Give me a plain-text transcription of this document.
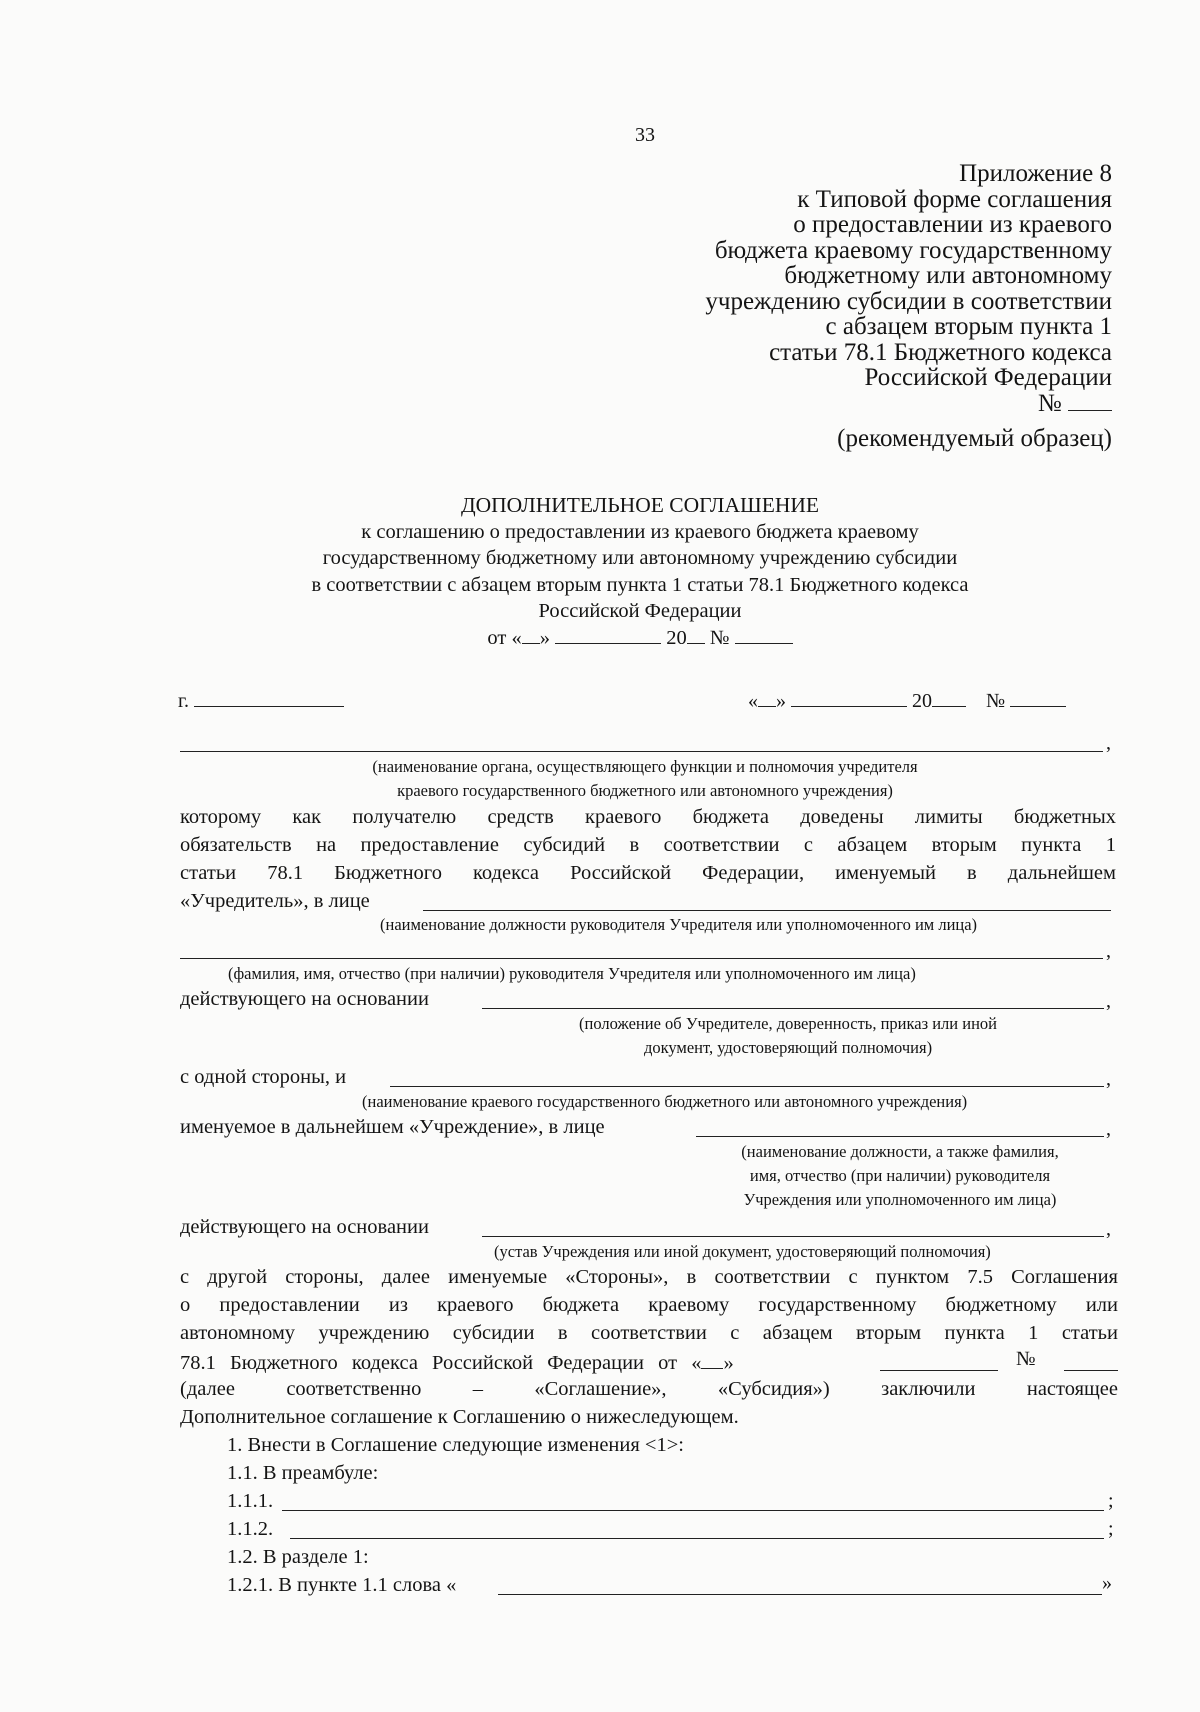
33
Приложение 8
к Типовой форме соглашения
о предоставлении из краевого
бюджета краевому государственному
бюджетному или автономному
учреждению субсидии в соответствии
с абзацем вторым пункта 1
статьи 78.1 Бюджетного кодекса
Российской Федерации
№
(рекомендуемый образец)
ДОПОЛНИТЕЛЬНОЕ СОГЛАШЕНИЕ
к соглашению о предоставлении из краевого бюджета краевому
государственному бюджетному или автономному учреждению субсидии
в соответствии с абзацем вторым пункта 1 статьи 78.1 Бюджетного кодекса
Российской Федерации
от « »	20 №
г.	« »	20	№
,
(наименование органа, осуществляющего функции и полномочия учредителя
краевого государственного бюджетного или автономного учреждения)
которому как получателю средств краевого бюджета доведены лимиты бюджетных
обязательств на предоставление субсидий в соответствии с абзацем вторым пункта 1
статьи 78.1 Бюджетного кодекса Российской Федерации, именуемый в дальнейшем
«Учредитель», в лице
(наименование должности руководителя Учредителя или уполномоченного им лица)
,
(фамилия, имя, отчество (при наличии) руководителя Учредителя или уполномоченного им лица)
действующего на основании	,
(положение об Учредителе, доверенность, приказ или иной
документ, удостоверяющий полномочия)
с одной стороны, и	,
(наименование краевого государственного бюджетного или автономного учреждения)
именуемое в дальнейшем «Учреждение», в лице	,
(наименование должности, а также фамилия,
имя, отчество (при наличии) руководителя
Учреждения или уполномоченного им лица)
действующего на основании	,
(устав Учреждения или иной документ, удостоверяющий полномочия)
с другой стороны, далее именуемые «Стороны», в соответствии с пунктом 7.5 Соглашения
о предоставлении из краевого бюджета краевому государственному бюджетному или
автономному учреждению субсидии в соответствии с абзацем вторым пункта 1 статьи
78.1 Бюджетного кодекса Российской Федерации от « »	№
(далее соответственно – «Соглашение», «Субсидия») заключили настоящее
Дополнительное соглашение к Соглашению о нижеследующем.
1. Внести в Соглашение следующие изменения <1>:
1.1. В преамбуле:
1.1.1.	;
1.1.2.	;
1.2. В разделе 1:
1.2.1. В пункте 1.1 слова «	»
